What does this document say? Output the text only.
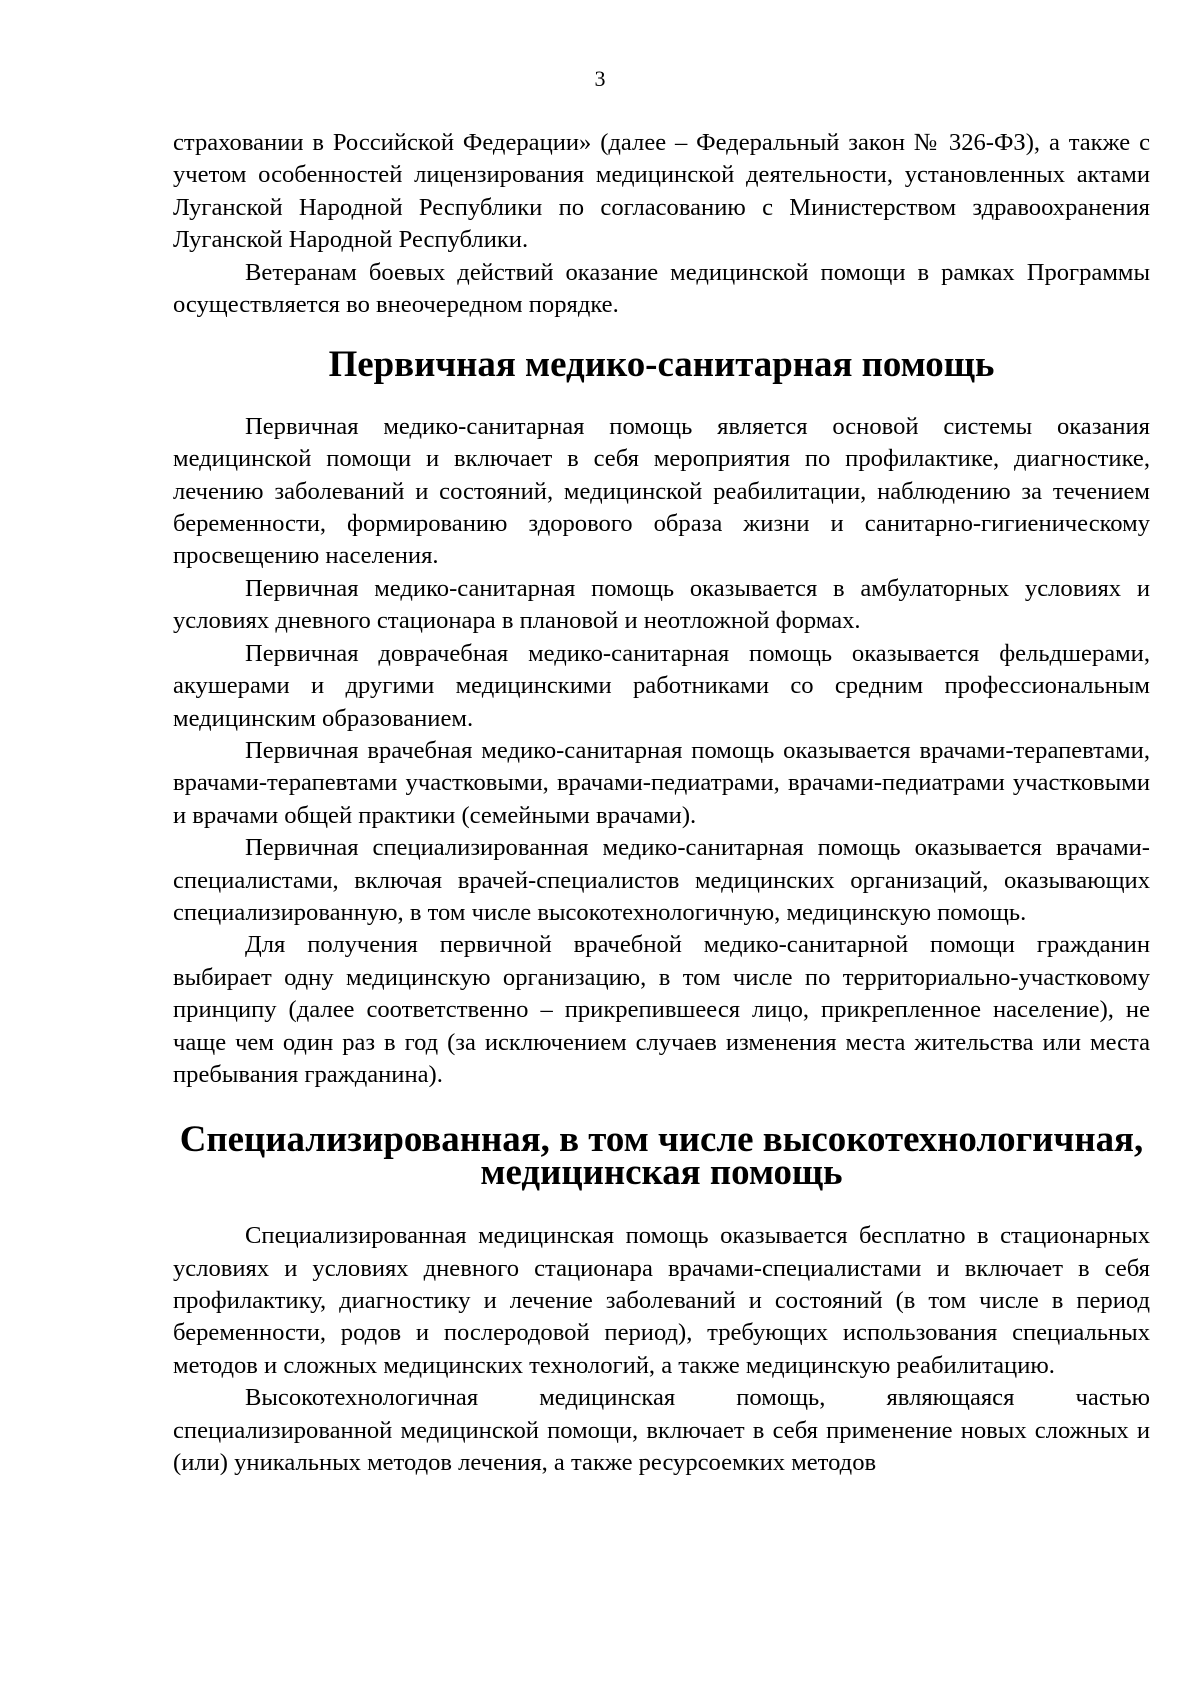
3

страховании в Российской Федерации» (далее – Федеральный закон № 326-ФЗ), а также с учетом особенностей лицензирования медицинской деятельности, установленных актами Луганской Народной Республики по согласованию с Министерством здравоохранения Луганской Народной Республики.

Ветеранам боевых действий оказание медицинской помощи в рамках Программы осуществляется во внеочередном порядке.

Первичная медико-санитарная помощь

Первичная медико-санитарная помощь является основой системы оказания медицинской помощи и включает в себя мероприятия по профилактике, диагностике, лечению заболеваний и состояний, медицинской реабилитации, наблюдению за течением беременности, формированию здорового образа жизни и санитарно-гигиеническому просвещению населения.

Первичная медико-санитарная помощь оказывается в амбулаторных условиях и условиях дневного стационара в плановой и неотложной формах.

Первичная доврачебная медико-санитарная помощь оказывается фельдшерами, акушерами и другими медицинскими работниками со средним профессиональным медицинским образованием.

Первичная врачебная медико-санитарная помощь оказывается врачами-терапевтами, врачами-терапевтами участковыми, врачами-педиатрами, врачами-педиатрами участковыми и врачами общей практики (семейными врачами).

Первичная специализированная медико-санитарная помощь оказывается врачами-специалистами, включая врачей-специалистов медицинских организаций, оказывающих специализированную, в том числе высокотехнологичную, медицинскую помощь.

Для получения первичной врачебной медико-санитарной помощи гражданин выбирает одну медицинскую организацию, в том числе по территориально-участковому принципу (далее соответственно – прикрепившееся лицо, прикрепленное население), не чаще чем один раз в год (за исключением случаев изменения места жительства или места пребывания гражданина).

Специализированная, в том числе высокотехнологичная,
медицинская помощь

Специализированная медицинская помощь оказывается бесплатно в стационарных условиях и условиях дневного стационара врачами-специалистами и включает в себя профилактику, диагностику и лечение заболеваний и состояний (в том числе в период беременности, родов и послеродовой период), требующих использования специальных методов и сложных медицинских технологий, а также медицинскую реабилитацию.

Высокотехнологичная медицинская помощь, являющаяся частью специализированной медицинской помощи, включает в себя применение новых сложных и (или) уникальных методов лечения, а также ресурсоемких методов
